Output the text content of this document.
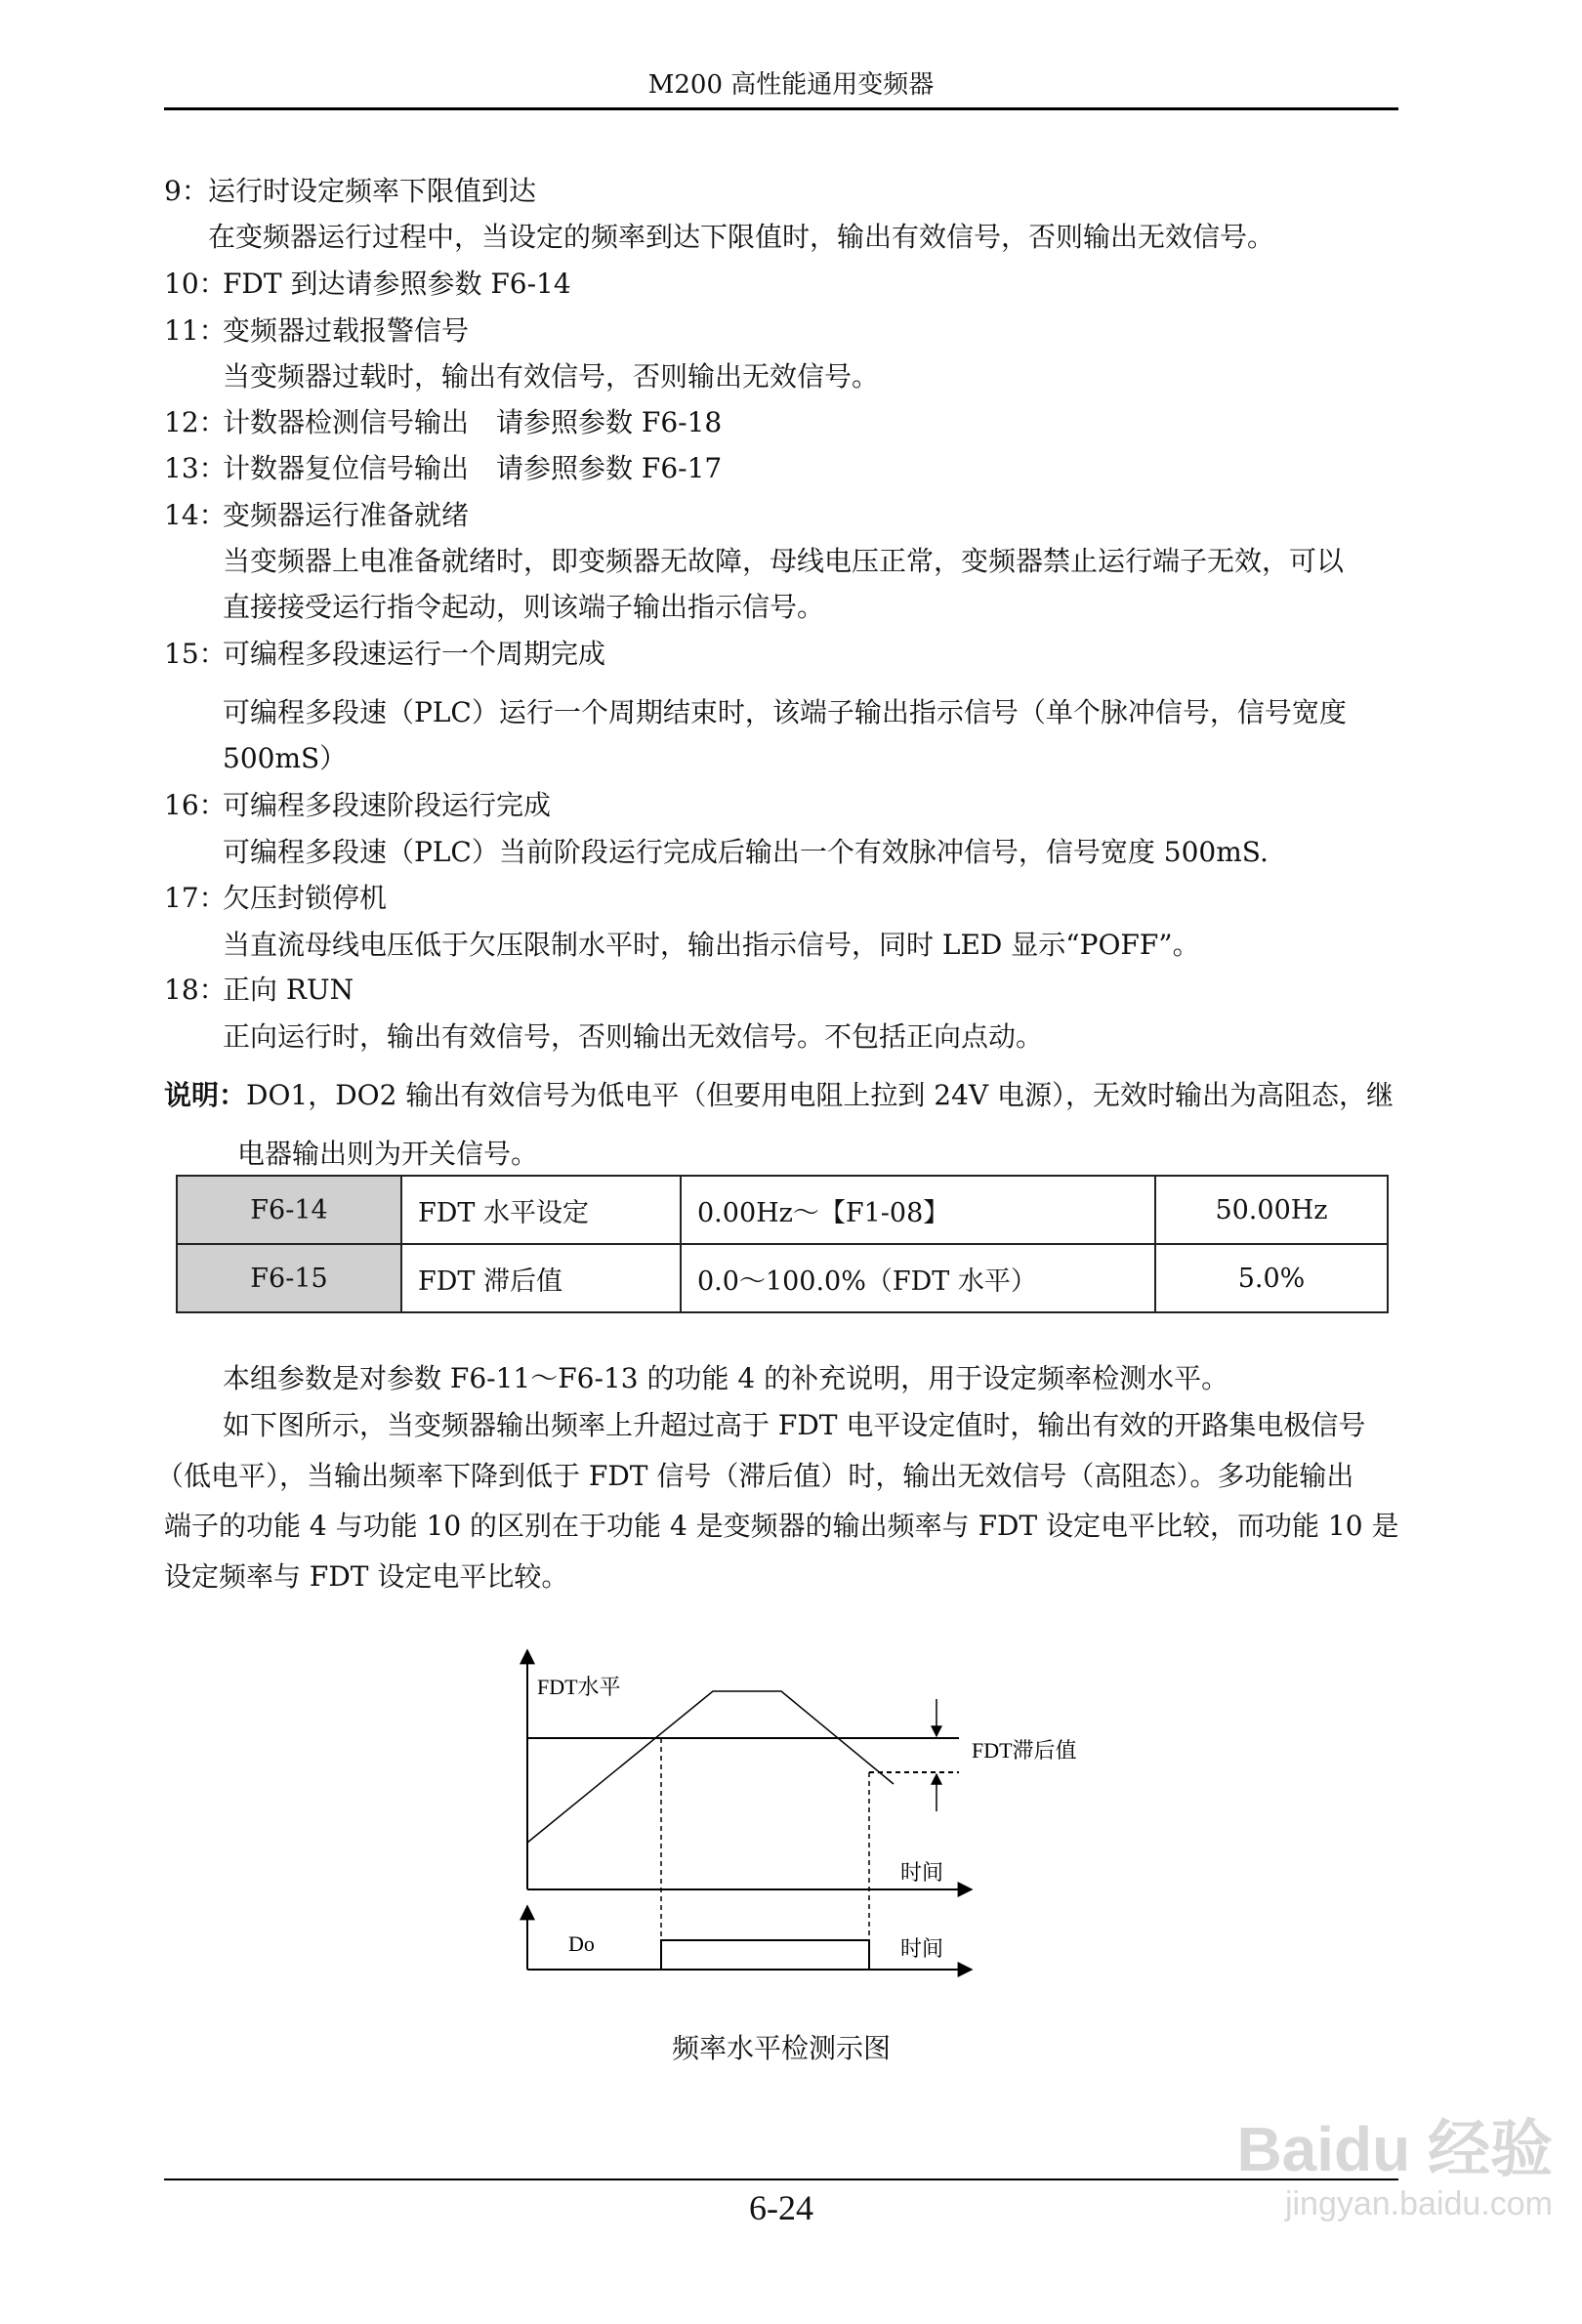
M200 高性能通用变频器
9： 运行时设定频率下限值到达
在变频器运行过程中，当设定的频率到达下限值时，输出有效信号，否则输出无效信号。
10：
FDT 到达请参照参数 F6-14
11：
变频器过载报警信号
当变频器过载时，输出有效信号，否则输出无效信号。
12：
计数器检测信号输出　请参照参数 F6-18
13：
计数器复位信号输出　请参照参数 F6-17
14：
变频器运行准备就绪
当变频器上电准备就绪时，即变频器无故障，母线电压正常，变频器禁止运行端子无效，可以
直接接受运行指令起动，则该端子输出指示信号。
15：
可编程多段速运行一个周期完成
可编程多段速（PLC）运行一个周期结束时，该端子输出指示信号（单个脉冲信号，信号宽度
500mS）
16：
可编程多段速阶段运行完成
可编程多段速（PLC）当前阶段运行完成后输出一个有效脉冲信号，信号宽度 500mS.
17：
欠压封锁停机
当直流母线电压低于欠压限制水平时，输出指示信号，同时 LED 显示“POFF”。
18：
正向 RUN
正向运行时，输出有效信号，否则输出无效信号。不包括正向点动。
说明：DO1，DO2 输出有效信号为低电平（但要用电阻上拉到 24V 电源），无效时输出为高阻态，继
电器输出则为开关信号。
F6-14	FDT 水平设定	0.00Hz～【F1-08】	50.00Hz
F6-15	FDT 滞后值	0.0～100.0%（FDT 水平）	5.0%
本组参数是对参数 F6-11～F6-13 的功能 4 的补充说明，用于设定频率检测水平。
如下图所示，当变频器输出频率上升超过高于 FDT 电平设定值时，输出有效的开路集电极信号
（低电平），当输出频率下降到低于 FDT 信号（滞后值）时，输出无效信号（高阻态）。多功能输出
端子的功能 4 与功能 10 的区别在于功能 4 是变频器的输出频率与 FDT 设定电平比较，而功能 10 是
设定频率与 FDT 设定电平比较。
FDT水平
FDT滞后值
时间
Do	时间
频率水平检测示图
6-24
Baidu 经验
jingyan.baidu.com
